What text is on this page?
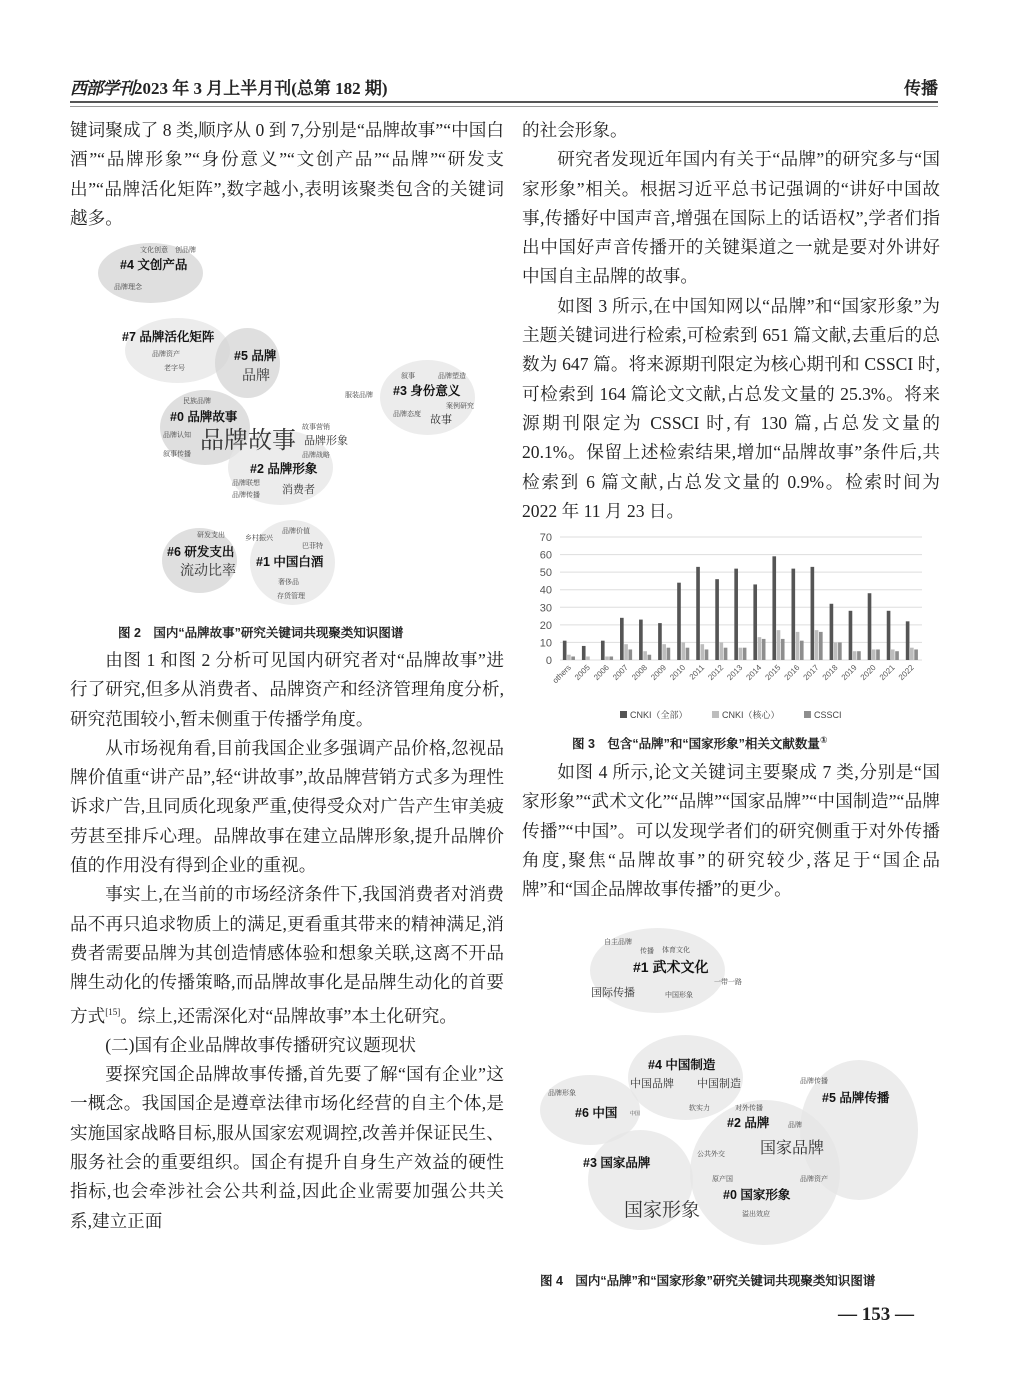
西部学刊2023 年 3 月上半月刊(总第 182 期)	传播

键词聚成了 8 类,顺序从 0 到 7,分别是“品牌故事”“中国白酒”“品牌形象”“身份意义”“文创产品”“品牌”“研发支出”“品牌活化矩阵”,数字越小,表明该聚类包含的关键词越多。

文化创意 创品牌
#4 文创产品
品牌理念
#7 品牌活化矩阵
品牌资产
老字号
#5 品牌
品牌	叙事	品牌塑造
服装品牌 #3 身份意义
案例研究
品牌态度 故事
民族品牌
#0 品牌故事
品牌故事
品牌认知
叙事传播	品牌战略
故事营销
品牌形象
#2 品牌形象
品牌联想
品牌传播 消费者
研发支出	乡村振兴
品牌价值
巴菲特
#6 研发支出
流动比率
#1 中国白酒
奢侈品
存货管理
图 2　国内“品牌故事”研究关键词共现聚类知识图谱

由图 1 和图 2 分析可见国内研究者对“品牌故事”进行了研究,但多从消费者、品牌资产和经济管理角度分析,研究范围较小,暂未侧重于传播学角度。

从市场视角看,目前我国企业多强调产品价格,忽视品牌价值重“讲产品”,轻“讲故事”,故品牌营销方式多为理性诉求广告,且同质化现象严重,使得受众对广告产生审美疲劳甚至排斥心理。品牌故事在建立品牌形象,提升品牌价值的作用没有得到企业的重视。

事实上,在当前的市场经济条件下,我国消费者对消费品不再只追求物质上的满足,更看重其带来的精神满足,消费者需要品牌为其创造情感体验和想象关联,这离不开品牌生动化的传播策略,而品牌故事化是品牌生动化的首要方式[15]。综上,还需深化对“品牌故事”本土化研究。

(二)国有企业品牌故事传播研究议题现状

要探究国企品牌故事传播,首先要了解“国有企业”这一概念。我国国企是遵章法律市场化经营的自主个体,是实施国家战略目标,服从国家宏观调控,改善并保证民生、服务社会的重要组织。国企有提升自身生产效益的硬性指标,也会牵涉社会公共利益,因此企业需要加强公共关系,建立正面

的社会形象。

研究者发现近年国内有关于“品牌”的研究多与“国家形象”相关。根据习近平总书记强调的“讲好中国故事,传播好中国声音,增强在国际上的话语权”,学者们指出中国好声音传播开的关键渠道之一就是要对外讲好中国自主品牌的故事。

如图 3 所示,在中国知网以“品牌”和“国家形象”为主题关键词进行检索,可检索到 651 篇文献,去重后的总数为 647 篇。将来源期刊限定为核心期刊和 CSSCI 时,可检索到 164 篇论文文献,占总发文量的 25.3%。将来源期刊限定为 CSSCI 时,有 130 篇,占总发文量的 20.1%。保留上述检索结果,增加“品牌故事”条件后,共检索到 6 篇文献,占总发文量的 0.9%。检索时间为 2022 年 11 月 23 日。

0
10
20
30
40
50
60
70
others 2005 2006 2007 2008 2009 2010 2011 2012 2013 2014 2015 2016 2017 2018 2019 2020 2021 2022
CNKI（全部）	CNKI（核心）	CSSCI
图 3　包含“品牌”和“国家形象”相关文献数量①

如图 4 所示,论文关键词主要聚成 7 类,分别是“国家形象”“武术文化”“品牌”“国家品牌”“中国制造”“品牌传播”“中国”。可以发现学者们的研究侧重于对外传播角度,聚焦“品牌故事”的研究较少,落足于“国企品牌”和“国企品牌故事传播”的更少。

自主品牌
传播 体育文化
#1 武术文化
一带一路
国际传播	中国形象
#4 中国制造
中国品牌 中国制造
品牌形象
#6 中国	中国
软实力	对外传播
#2 品牌	品牌
品牌传播
#5 品牌传播
公共外交 国家品牌
#3 国家品牌
原产国	品牌资产
#0 国家形象
溢出效应
国家形象
图 4　国内“品牌”和“国家形象”研究关键词共现聚类知识图谱
— 153 —
